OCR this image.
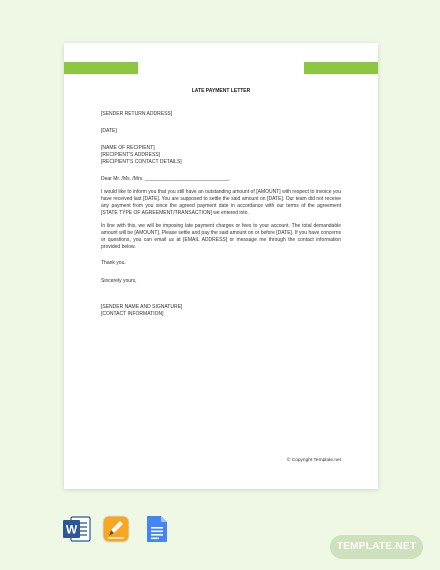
LATE PAYMENT LETTER
[SENDER RETURN ADDRESS]
[DATE]
[NAME OF RECIPIENT]
[RECIPIENT'S ADDRESS]
[RECIPIENT'S CONTACT DETAILS]
Dear Mr. /Ms. /Mrs. ______________________________,
I would like to inform you that you still have an outstanding amount of [AMOUNT] with respect to invoice you have received last [DATE]. You are supposed to settle the said amount on [DATE]. Our team did not receive any payment from you since the agreed payment date in accordance with our terms of the agreement [STATE TYPE OF AGREEMENT/TRANSACTION] we entered into.
In line with this, we will be imposing late payment charges or fees to your account. The total demandable amount will be [AMOUNT]. Please settle and pay the said amount on or before [DATE]. If you have concerns or questions, you can email us at [EMAIL ADDRESS] or message me through the contact information provided below.
Thank you.
Sincerely yours,
[SENDER NAME AND SIGNATURE]
[CONTACT INFORMATION]
© Copyright Template.net
W
TEMPLATE.NET
